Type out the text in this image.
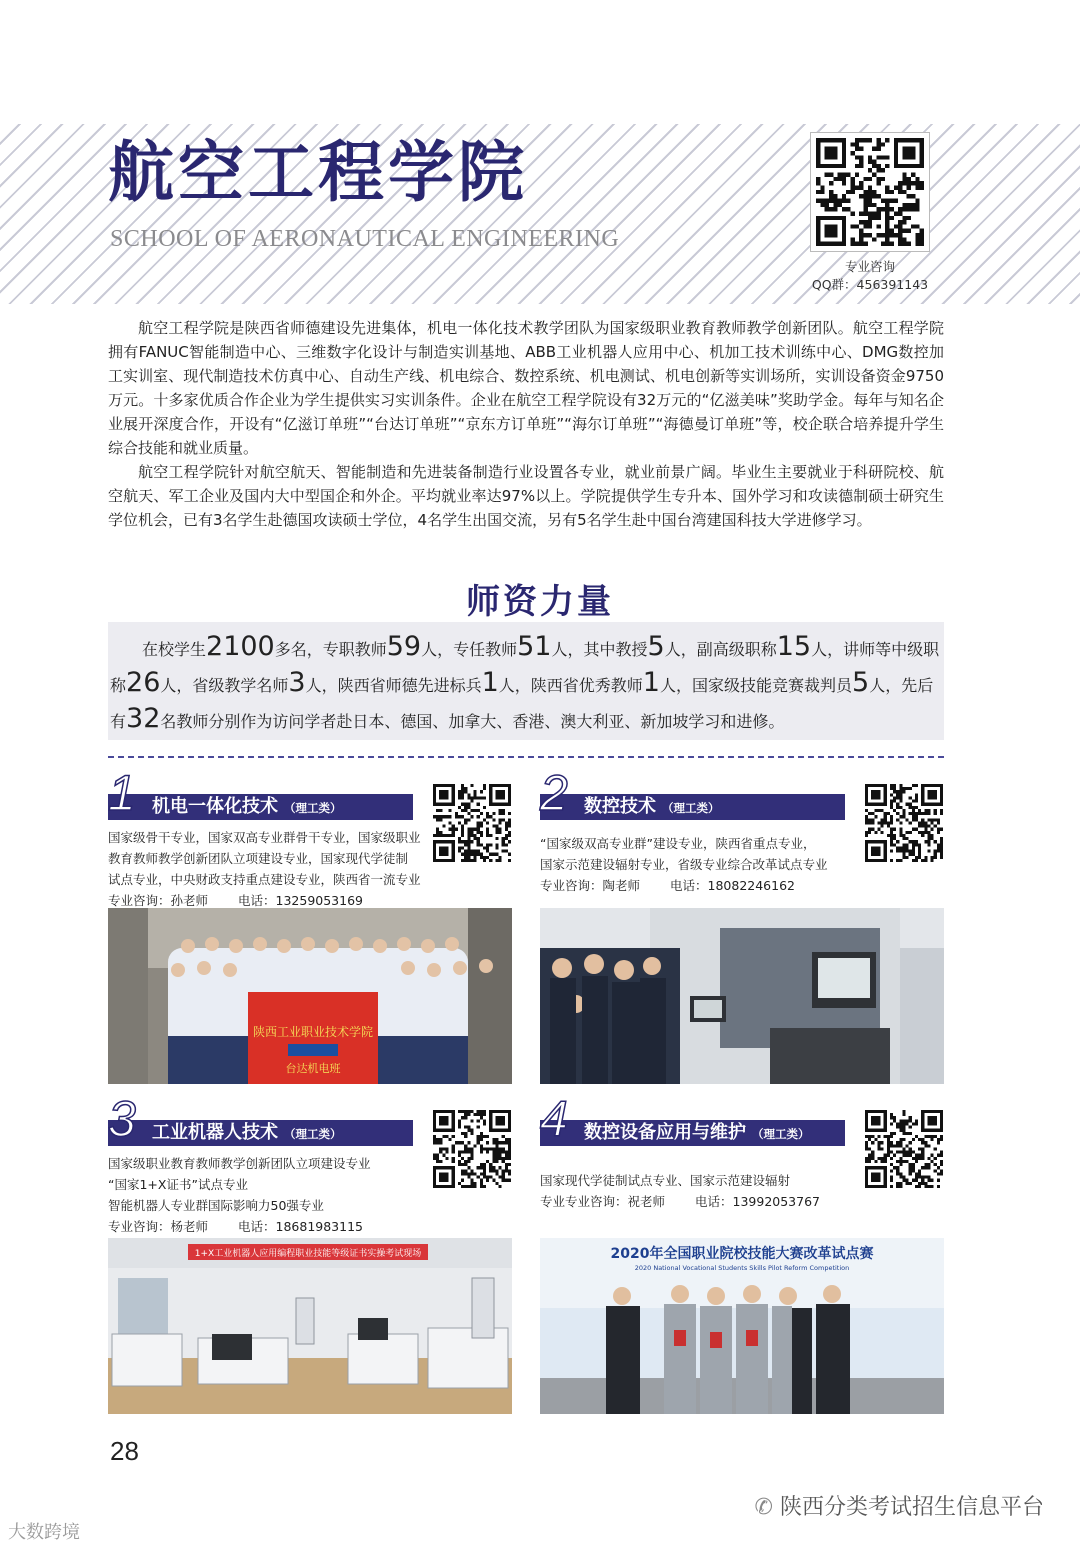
航空工程学院
SCHOOL OF AERONAUTICAL ENGINEERING
专业咨询
QQ群：456391143

航空工程学院是陕西省师德建设先进集体，机电一体化技术教学团队为国家级职业教育教师教学创新团队。航空工程学院拥有FANUC智能制造中心、三维数字化设计与制造实训基地、ABB工业机器人应用中心、机加工技术训练中心、DMG数控加工实训室、现代制造技术仿真中心、自动生产线、机电综合、数控系统、机电测试、机电创新等实训场所，实训设备资金9750万元。十多家优质合作企业为学生提供实习实训条件。企业在航空工程学院设有32万元的“亿滋美味”奖助学金。每年与知名企业展开深度合作，开设有“亿滋订单班”“台达订单班”“京东方订单班”“海尔订单班”“海德曼订单班”等，校企联合培养提升学生综合技能和就业质量。

航空工程学院针对航空航天、智能制造和先进装备制造行业设置各专业，就业前景广阔。毕业生主要就业于科研院校、航空航天、军工企业及国内大中型国企和外企。平均就业率达97%以上。学院提供学生专升本、国外学习和攻读德制硕士研究生学位机会，已有3名学生赴德国攻读硕士学位，4名学生出国交流，另有5名学生赴中国台湾建国科技大学进修学习。

师资力量
在校学生2100多名，专职教师59人，专任教师51人，其中教授5人，副高级职称15人，讲师等中级职称26人，省级教学名师3人，陕西省师德先进标兵1人，陕西省优秀教师1人，国家级技能竞赛裁判员5人，先后有32名教师分别作为访问学者赴日本、德国、加拿大、香港、澳大利亚、新加坡学习和进修。
机电一体化技术 （理工类）
1
国家级骨干专业，国家双高专业群骨干专业，国家级职业
教育教师教学创新团队立项建设专业，国家现代学徒制
试点专业，中央财政支持重点建设专业，陕西省一流专业
专业咨询：孙老师 电话：13259053169
陕西工业职业技术学院
台达机电班
数控技术 （理工类）
2
“国家级双高专业群”建设专业，陕西省重点专业，
国家示范建设辐射专业，省级专业综合改革试点专业
专业咨询：陶老师 电话：18082246162
工业机器人技术 （理工类）
3
国家级职业教育教师教学创新团队立项建设专业
“国家1+X证书”试点专业
智能机器人专业群国际影响力50强专业
专业咨询：杨老师 电话：18681983115
1+X工业机器人应用编程职业技能等级证书实操考试现场
数控设备应用与维护 （理工类）
4
国家现代学徒制试点专业、国家示范建设辐射
专业专业咨询：祝老师 电话：13992053767
2020年全国职业院校技能大赛改革试点赛
2020 National Vocational Students Skills Pilot Reform Competition
28
✆ 陕西分类考试招生信息平台
大数跨境
